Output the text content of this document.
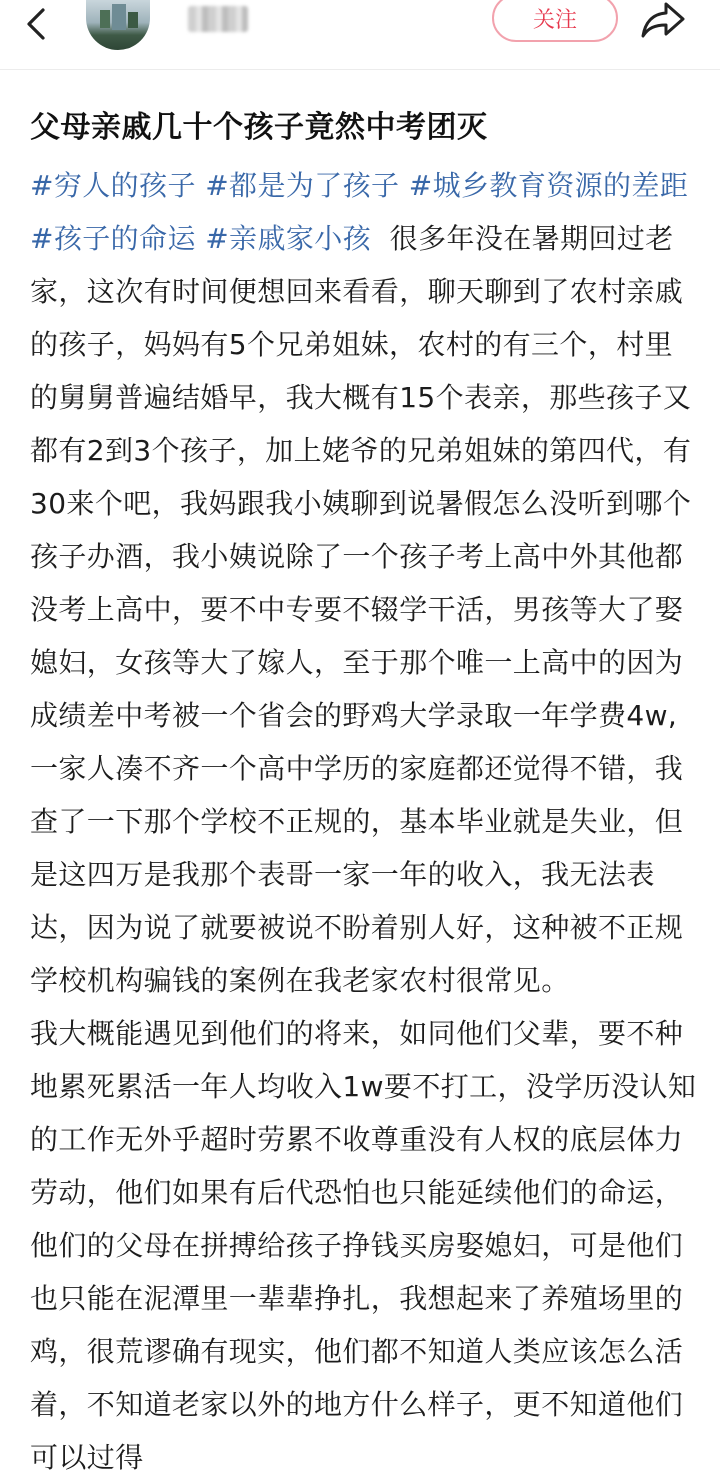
关注
父母亲戚几十个孩子竟然中考团灭
#穷人的孩子 #都是为了孩子 #城乡教育资源的差距 #孩子的命运 #亲戚家小孩 很多年没在暑期回过老家，这次有时间便想回来看看，聊天聊到了农村亲戚的孩子，妈妈有5个兄弟姐妹，农村的有三个，村里的舅舅普遍结婚早，我大概有15个表亲，那些孩子又都有2到3个孩子，加上姥爷的兄弟姐妹的第四代，有30来个吧，我妈跟我小姨聊到说暑假怎么没听到哪个孩子办酒，我小姨说除了一个孩子考上高中外其他都没考上高中，要不中专要不辍学干活，男孩等大了娶媳妇，女孩等大了嫁人，至于那个唯一上高中的因为成绩差中考被一个省会的野鸡大学录取一年学费4w,一家人凑不齐一个高中学历的家庭都还觉得不错，我查了一下那个学校不正规的，基本毕业就是失业，但是这四万是我那个表哥一家一年的收入，我无法表达，因为说了就要被说不盼着别人好，这种被不正规学校机构骗钱的案例在我老家农村很常见。
我大概能遇见到他们的将来，如同他们父辈，要不种地累死累活一年人均收入1w要不打工，没学历没认知的工作无外乎超时劳累不收尊重没有人权的底层体力劳动，他们如果有后代恐怕也只能延续他们的命运，他们的父母在拼搏给孩子挣钱买房娶媳妇，可是他们也只能在泥潭里一辈辈挣扎，我想起来了养殖场里的鸡，很荒谬确有现实，他们都不知道人类应该怎么活着，不知道老家以外的地方什么样子，更不知道他们可以过得
